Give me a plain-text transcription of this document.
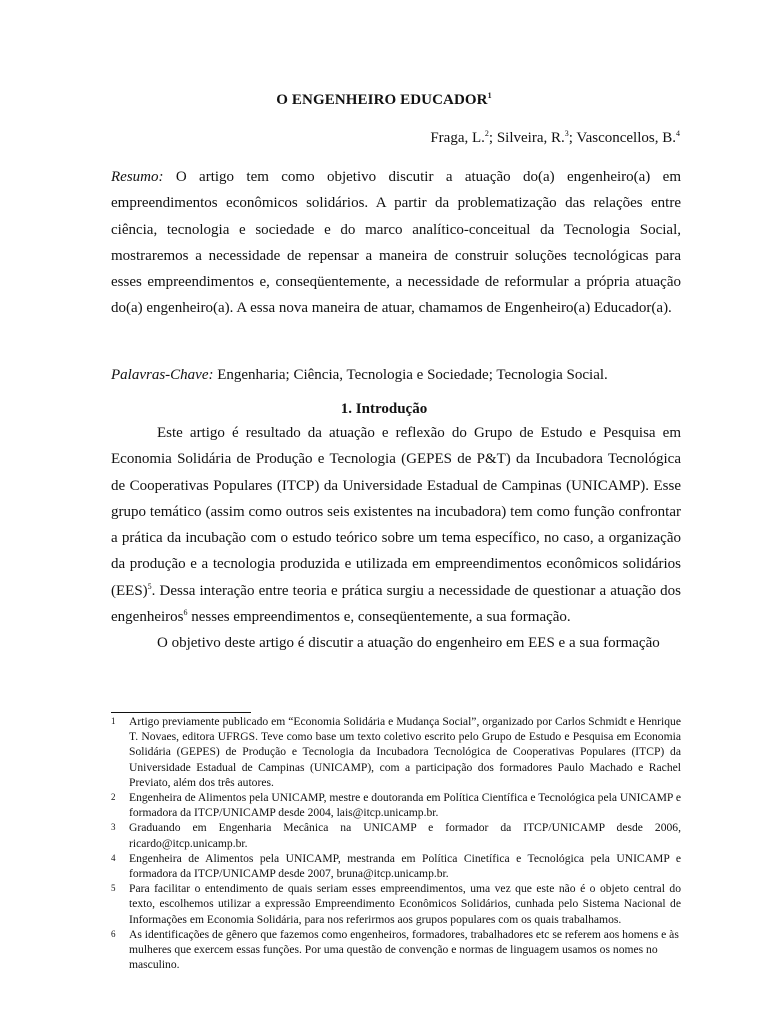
O ENGENHEIRO EDUCADOR$^1$
Fraga, L.$^2$; Silveira, R.$^3$; Vasconcellos, B.$^4$
Resumo: O artigo tem como objetivo discutir a atuação do(a) engenheiro(a) em empreendimentos econômicos solidários. A partir da problematização das relações entre ciência, tecnologia e sociedade e do marco analítico-conceitual da Tecnologia Social, mostraremos a necessidade de repensar a maneira de construir soluções tecnológicas para esses empreendimentos e, conseqüentemente, a necessidade de reformular a própria atuação do(a) engenheiro(a). A essa nova maneira de atuar, chamamos de Engenheiro(a) Educador(a).
Palavras-Chave: Engenharia; Ciência, Tecnologia e Sociedade; Tecnologia Social.
1. Introdução

Este artigo é resultado da atuação e reflexão do Grupo de Estudo e Pesquisa em Economia Solidária de Produção e Tecnologia (GEPES de P&T) da Incubadora Tecnológica de Cooperativas Populares (ITCP) da Universidade Estadual de Campinas (UNICAMP). Esse grupo temático (assim como outros seis existentes na incubadora) tem como função confrontar a prática da incubação com o estudo teórico sobre um tema específico, no caso, a organização da produção e a tecnologia produzida e utilizada em empreendimentos econômicos solidários (EES)$^5$. Dessa interação entre teoria e prática surgiu a necessidade de questionar a atuação dos engenheiros$^6$ nesses empreendimentos e, conseqüentemente, a sua formação.

O objetivo deste artigo é discutir a atuação do engenheiro em EES e a sua formação

1	Artigo previamente publicado em “Economia Solidária e Mudança Social”, organizado por Carlos Schmidt e Henrique T. Novaes, editora UFRGS. Teve como base um texto coletivo escrito pelo Grupo de Estudo e Pesquisa em Economia Solidária (GEPES) de Produção e Tecnologia da Incubadora Tecnológica de Cooperativas Populares (ITCP) da Universidade Estadual de Campinas (UNICAMP), com a participação dos formadores Paulo Machado e Rachel Previato, além dos três autores.
2	Engenheira de Alimentos pela UNICAMP, mestre e doutoranda em Política Científica e Tecnológica pela UNICAMP e formadora da ITCP/UNICAMP desde 2004, lais@itcp.unicamp.br.
3	Graduando em Engenharia Mecânica na UNICAMP e formador da ITCP/UNICAMP desde 2006, ricardo@itcp.unicamp.br.
4	Engenheira de Alimentos pela UNICAMP, mestranda em Política Cinetífica e Tecnológica pela UNICAMP e formadora da ITCP/UNICAMP desde 2007, bruna@itcp.unicamp.br.
5	Para facilitar o entendimento de quais seriam esses empreendimentos, uma vez que este não é o objeto central do texto, escolhemos utilizar a expressão Empreendimento Econômicos Solidários, cunhada pelo Sistema Nacional de Informações em Economia Solidária, para nos referirmos aos grupos populares com os quais trabalhamos.
6	As identificações de gênero que fazemos como engenheiros, formadores, trabalhadores etc se referem aos homens e às mulheres que exercem essas funções. Por uma questão de convenção e normas de linguagem usamos os nomes no masculino.
